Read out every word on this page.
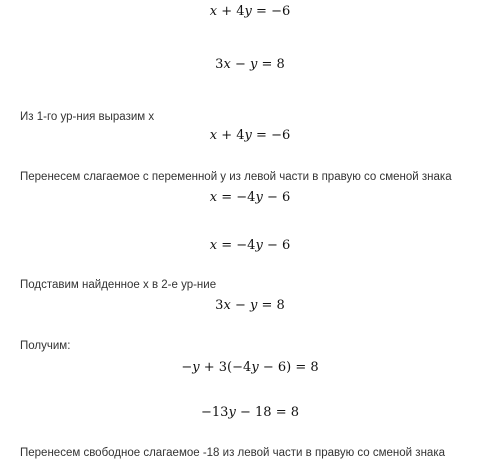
x + 4y = −6
3x − y = 8
Из 1-го ур-ния выразим x
x + 4y = −6
Перенесем слагаемое с переменной y из левой части в правую со сменой знака
x = −4y − 6
x = −4y − 6
Подставим найденное x в 2-е ур-ние
3x − y = 8
Получим:
−y + 3(−4y − 6) = 8
−13y − 18 = 8
Перенесем свободное слагаемое -18 из левой части в правую со сменой знака
